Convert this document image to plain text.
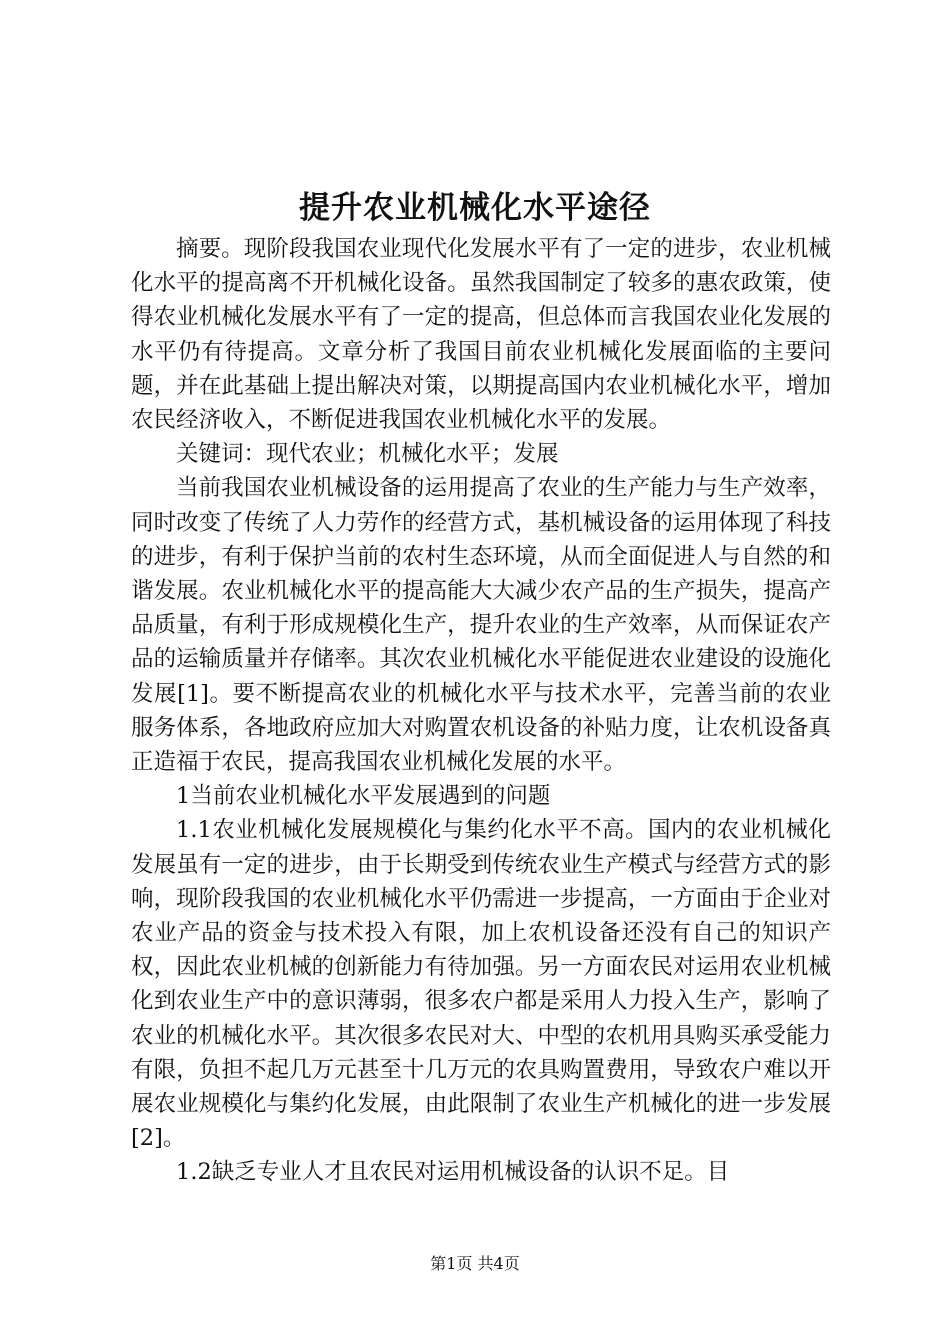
提升农业机械化水平途径

摘要。现阶段我国农业现代化发展水平有了一定的进步，农业机械化水平的提高离不开机械化设备。虽然我国制定了较多的惠农政策，使得农业机械化发展水平有了一定的提高，但总体而言我国农业化发展的水平仍有待提高。文章分析了我国目前农业机械化发展面临的主要问题，并在此基础上提出解决对策，以期提高国内农业机械化水平，增加农民经济收入，不断促进我国农业机械化水平的发展。

关键词：现代农业；机械化水平；发展

当前我国农业机械设备的运用提高了农业的生产能力与生产效率，同时改变了传统了人力劳作的经营方式，基机械设备的运用体现了科技的进步，有利于保护当前的农村生态环境，从而全面促进人与自然的和谐发展。农业机械化水平的提高能大大减少农产品的生产损失，提高产品质量，有利于形成规模化生产，提升农业的生产效率，从而保证农产品的运输质量并存储率。其次农业机械化水平能促进农业建设的设施化发展[1]。要不断提高农业的机械化水平与技术水平，完善当前的农业服务体系，各地政府应加大对购置农机设备的补贴力度，让农机设备真正造福于农民，提高我国农业机械化发展的水平。

1当前农业机械化水平发展遇到的问题

1.1农业机械化发展规模化与集约化水平不高。国内的农业机械化发展虽有一定的进步，由于长期受到传统农业生产模式与经营方式的影响，现阶段我国的农业机械化水平仍需进一步提高，一方面由于企业对农业产品的资金与技术投入有限，加上农机设备还没有自己的知识产权，因此农业机械的创新能力有待加强。另一方面农民对运用农业机械化到农业生产中的意识薄弱，很多农户都是采用人力投入生产，影响了农业的机械化水平。其次很多农民对大、中型的农机用具购买承受能力有限，负担不起几万元甚至十几万元的农具购置费用，导致农户难以开展农业规模化与集约化发展，由此限制了农业生产机械化的进一步发展[2]。

1.2缺乏专业人才且农民对运用机械设备的认识不足。目

第1页 共4页
